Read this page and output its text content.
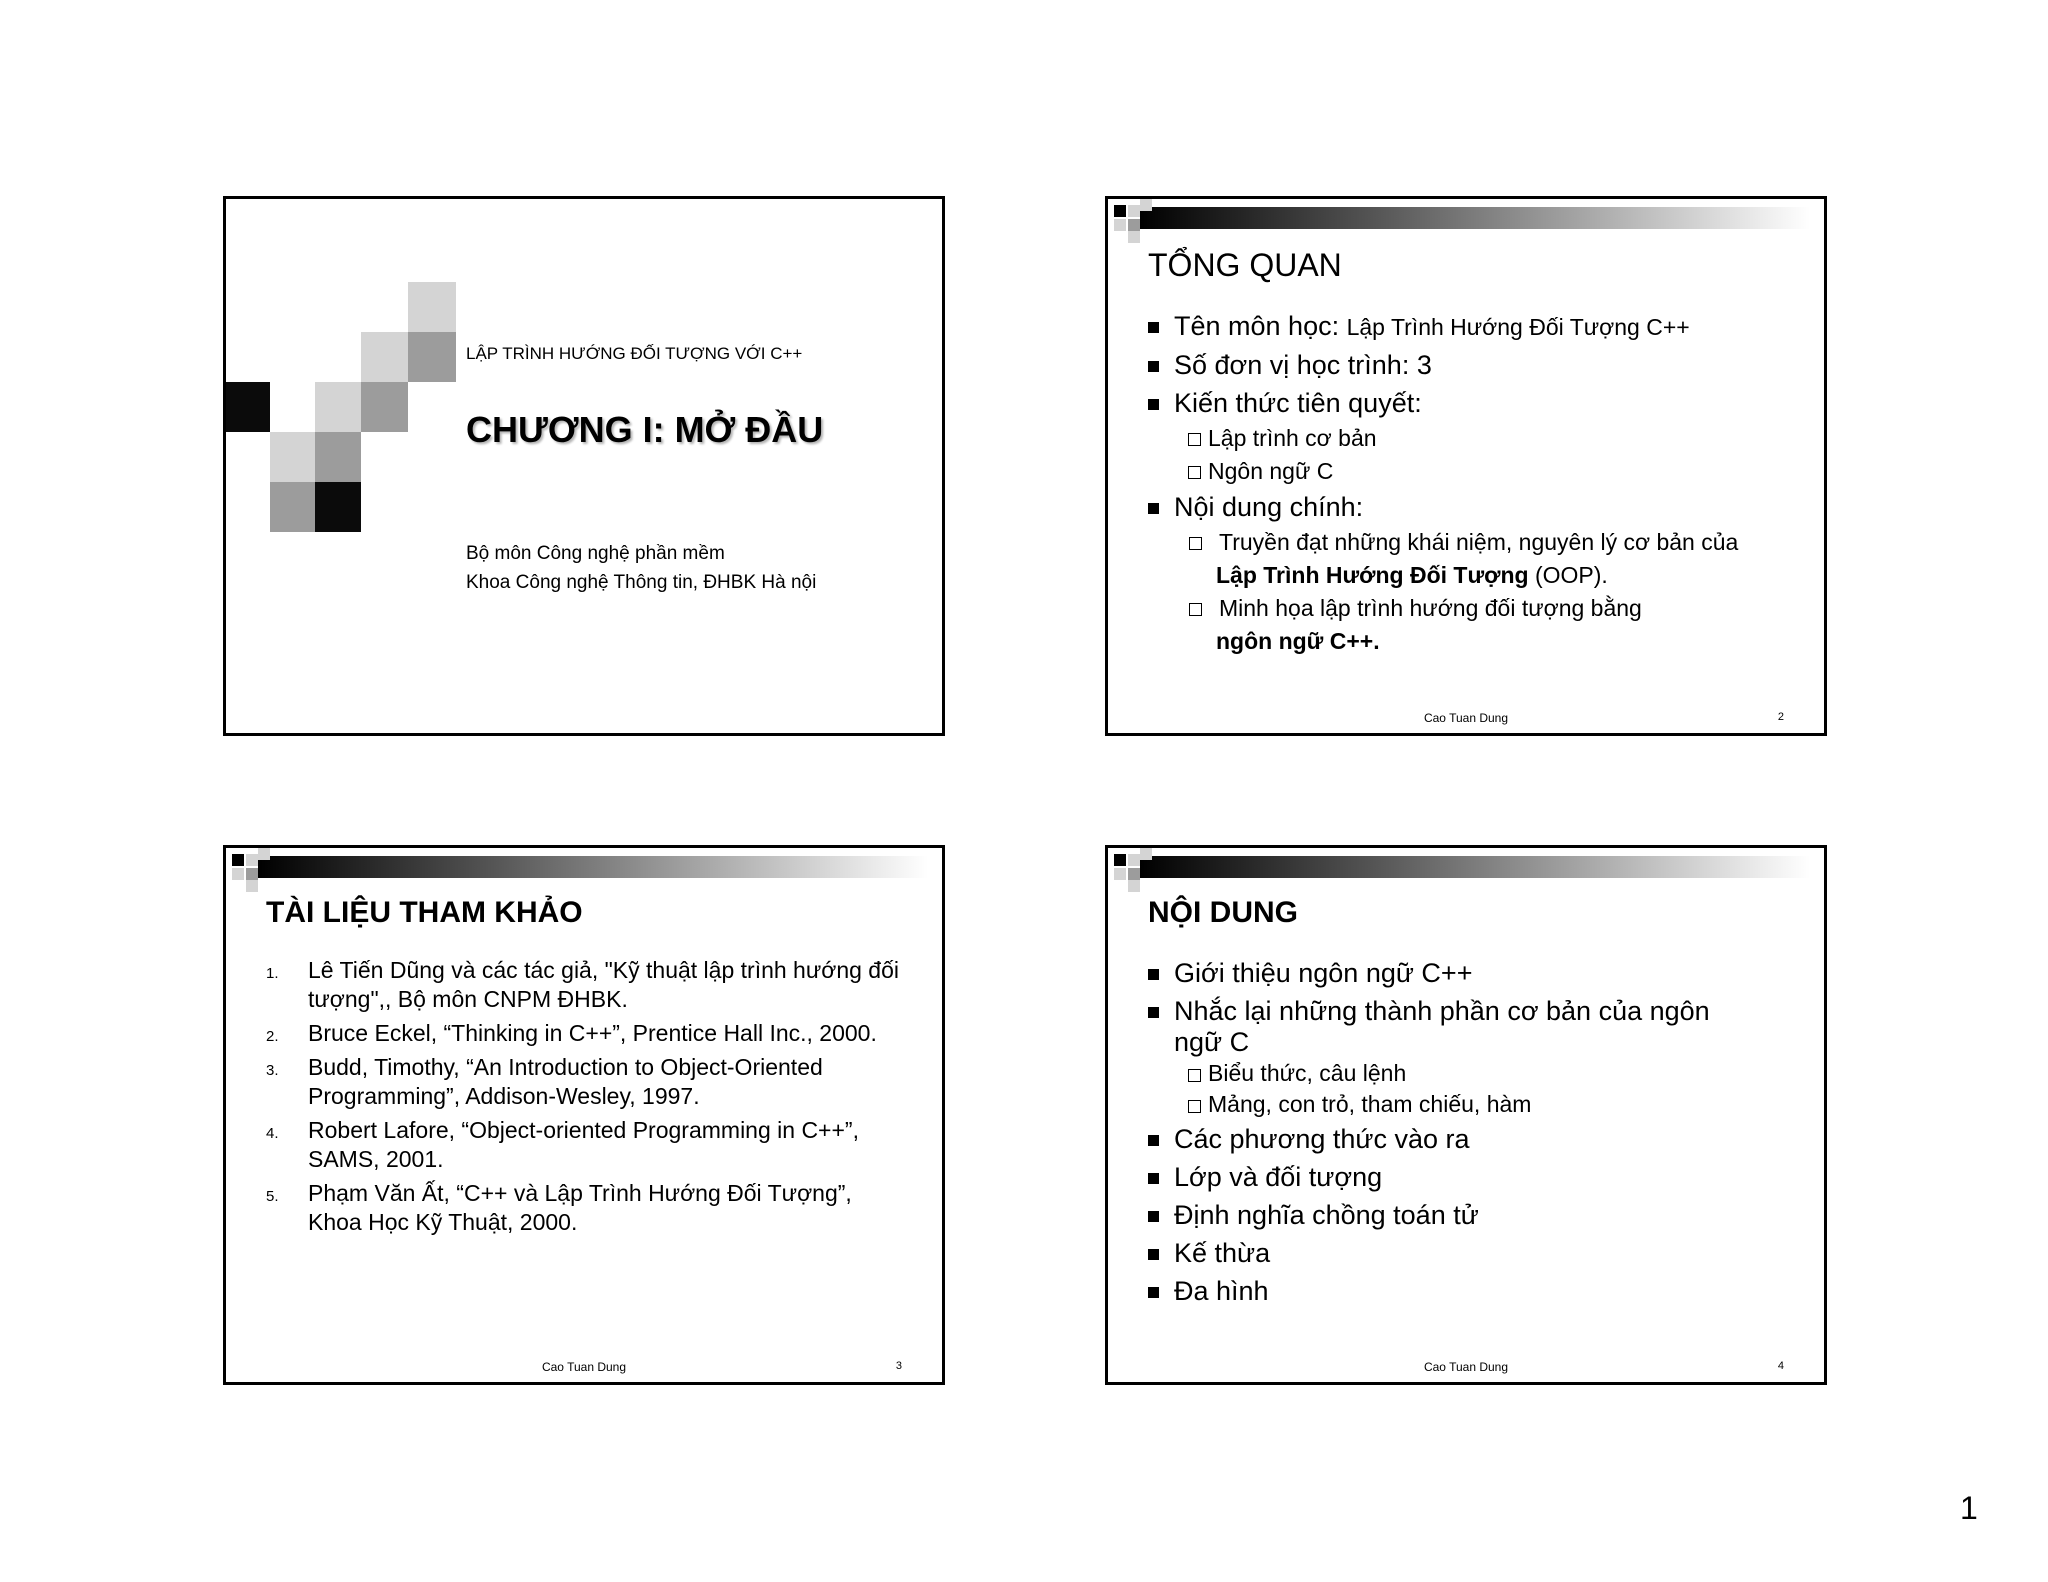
LẬP TRÌNH HƯỚNG ĐỐI TƯỢNG VỚI C++
CHƯƠNG I: MỞ ĐẦU
Bộ môn Công nghệ phần mềm
Khoa Công nghệ Thông tin, ĐHBK Hà nội
TỔNG QUAN
Tên môn học: Lập Trình Hướng Đối Tượng C++
Số đơn vị học trình: 3
Kiến thức tiên quyết:
Lập trình cơ bản
Ngôn ngữ C
Nội dung chính:
Truyền đạt những khái niệm, nguyên lý cơ bản của
Lập Trình Hướng Đối Tượng (OOP).
Minh họa lập trình hướng đối tượng bằng
ngôn ngữ C++.
Cao Tuan Dung	2
TÀI LIỆU THAM KHẢO
1. Lê Tiến Dũng và các tác giả, "Kỹ thuật lập trình hướng đối tượng",, Bộ môn CNPM ĐHBK.
2. Bruce Eckel, “Thinking in C++”, Prentice Hall Inc., 2000.
3. Budd, Timothy, “An Introduction to Object-Oriented Programming”, Addison-Wesley, 1997.
4. Robert Lafore, “Object-oriented Programming in C++”, SAMS, 2001.
5. Phạm Văn Ất, “C++ và Lập Trình Hướng Đối Tượng”, Khoa Học Kỹ Thuật, 2000.
Cao Tuan Dung	3
NỘI DUNG
Giới thiệu ngôn ngữ C++
Nhắc lại những thành phần cơ bản của ngôn
ngữ C
Biểu thức, câu lệnh
Mảng, con trỏ, tham chiếu, hàm
Các phương thức vào ra
Lớp và đối tượng
Định nghĩa chồng toán tử
Kế thừa
Đa hình
Cao Tuan Dung	4
1
